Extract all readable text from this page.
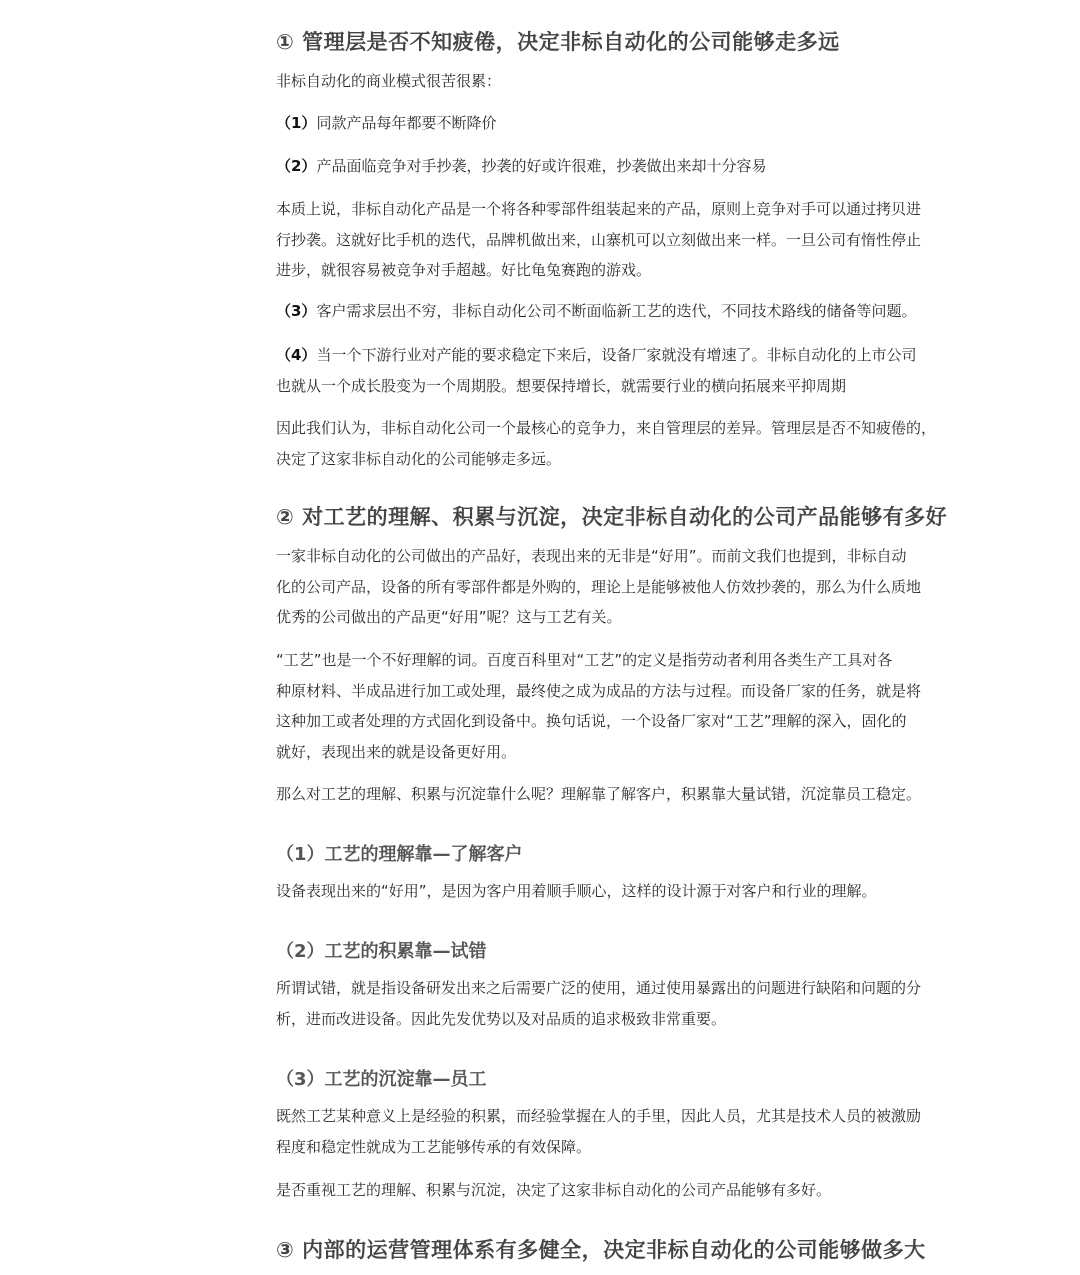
① 管理层是否不知疲倦，决定非标自动化的公司能够走多远
非标自动化的商业模式很苦很累：
（1）同款产品每年都要不断降价
（2）产品面临竞争对手抄袭，抄袭的好或许很难，抄袭做出来却十分容易
本质上说，非标自动化产品是一个将各种零部件组装起来的产品，原则上竞争对手可以通过拷贝进
行抄袭。这就好比手机的迭代，品牌机做出来，山寨机可以立刻做出来一样。一旦公司有惰性停止
进步，就很容易被竞争对手超越。好比龟兔赛跑的游戏。
（3）客户需求层出不穷，非标自动化公司不断面临新工艺的迭代，不同技术路线的储备等问题。
（4）当一个下游行业对产能的要求稳定下来后，设备厂家就没有增速了。非标自动化的上市公司
也就从一个成长股变为一个周期股。想要保持增长，就需要行业的横向拓展来平抑周期
因此我们认为，非标自动化公司一个最核心的竞争力，来自管理层的差异。管理层是否不知疲倦的，
决定了这家非标自动化的公司能够走多远。
② 对工艺的理解、积累与沉淀，决定非标自动化的公司产品能够有多好
一家非标自动化的公司做出的产品好，表现出来的无非是“好用”。而前文我们也提到，非标自动
化的公司产品，设备的所有零部件都是外购的，理论上是能够被他人仿效抄袭的，那么为什么质地
优秀的公司做出的产品更“好用”呢？这与工艺有关。
“工艺”也是一个不好理解的词。百度百科里对“工艺”的定义是指劳动者利用各类生产工具对各
种原材料、半成品进行加工或处理，最终使之成为成品的方法与过程。而设备厂家的任务，就是将
这种加工或者处理的方式固化到设备中。换句话说，一个设备厂家对“工艺”理解的深入，固化的
就好，表现出来的就是设备更好用。
那么对工艺的理解、积累与沉淀靠什么呢？理解靠了解客户，积累靠大量试错，沉淀靠员工稳定。
（1）工艺的理解靠—了解客户
设备表现出来的“好用”，是因为客户用着顺手顺心，这样的设计源于对客户和行业的理解。
（2）工艺的积累靠—试错
所谓试错，就是指设备研发出来之后需要广泛的使用，通过使用暴露出的问题进行缺陷和问题的分
析，进而改进设备。因此先发优势以及对品质的追求极致非常重要。
（3）工艺的沉淀靠—员工
既然工艺某种意义上是经验的积累，而经验掌握在人的手里，因此人员，尤其是技术人员的被激励
程度和稳定性就成为工艺能够传承的有效保障。
是否重视工艺的理解、积累与沉淀，决定了这家非标自动化的公司产品能够有多好。
③ 内部的运营管理体系有多健全，决定非标自动化的公司能够做多大
